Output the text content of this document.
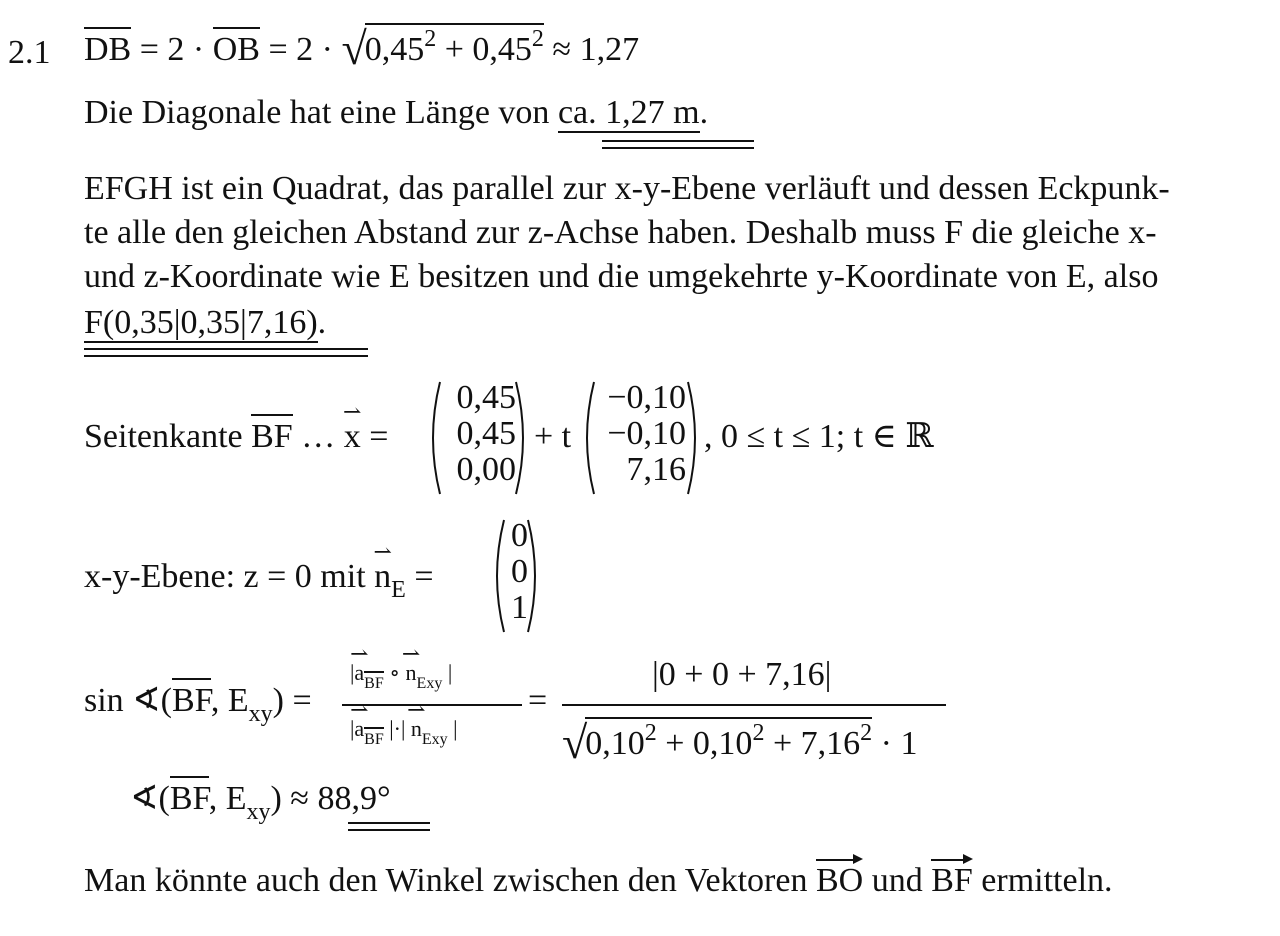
2.1 DB = 2 · OB = $2 \cdot √0,45^2 + 0,45^2 \approx 1,27$
Die Diagonale hat eine Länge von ca. 1,27 m.
EFGH ist ein Quadrat, das parallel zur x-y-Ebene verläuft und dessen Eckpunk-
te alle den gleichen Abstand zur z-Achse haben. Deshalb muss F die gleiche x-
und z-Koordinate wie E besitzen und die umgekehrte y-Koordinate von E, also
F(0,35|0,35|7,16).
Seitenkante BF … x ⇀ =
0,45
0,45
0,00
+ t
−0,10
−0,10
7,16
, 0 ≤ t ≤ 1; t ∈ ℝ
x-y-Ebene: z = 0 mit n $⇀_E$ =
0
0
1
sin ∢(BF, $E_{xy}$) =
|a $⇀_{BF}$ ∘ n $⇀_{Exy}$ |
|a $⇀_{BF}$ |·| n $⇀_{Exy}$ |
=
|0 + 0 + 7,16|
$√0,10^2 + 0,10^2 + 7,16^2 \cdot 1$
∢(BF, $E_{xy}) \approx 88,9^\circ$
Man könnte auch den Winkel zwischen den Vektoren BO und BF ermitteln.
